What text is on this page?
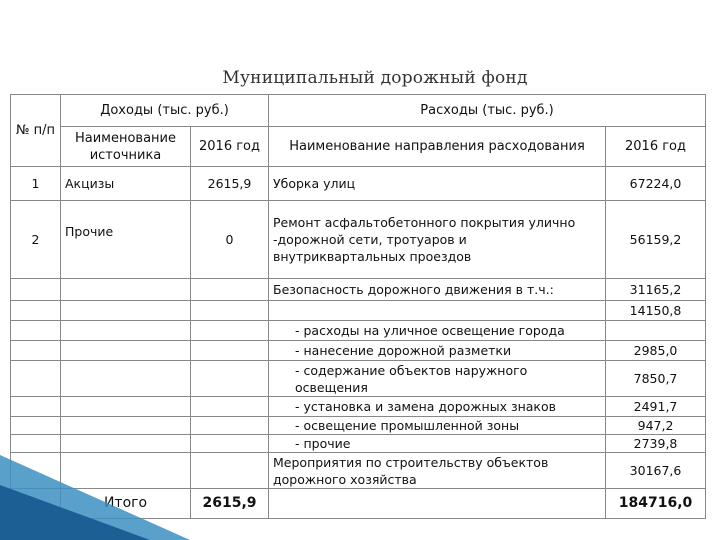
Муниципальный дорожный фонд
№ п/п	Доходы (тыс. руб.)		Расходы (тыс. руб.)	
	Наименование источника	2016 год	Наименование направления расходования	2016 год
1	Акцизы	2615,9	Уборка улиц	67224,0
2	Прочие	0	Ремонт асфальтобетонного покрытия улично -дорожной сети, тротуаров и внутриквартальных проездов	56159,2
			Безопасность дорожного движения в т.ч.:	31165,2
				14150,8
			- расходы на уличное освещение города	
			- нанесение дорожной разметки	2985,0
			- содержание объектов наружного освещения	7850,7
			- установка и замена дорожных знаков	2491,7
			- освещение промышленной зоны	947,2
			- прочие	2739,8
			Мероприятия по строительству объектов дорожного хозяйства	30167,6
	Итого	2615,9		184716,0
